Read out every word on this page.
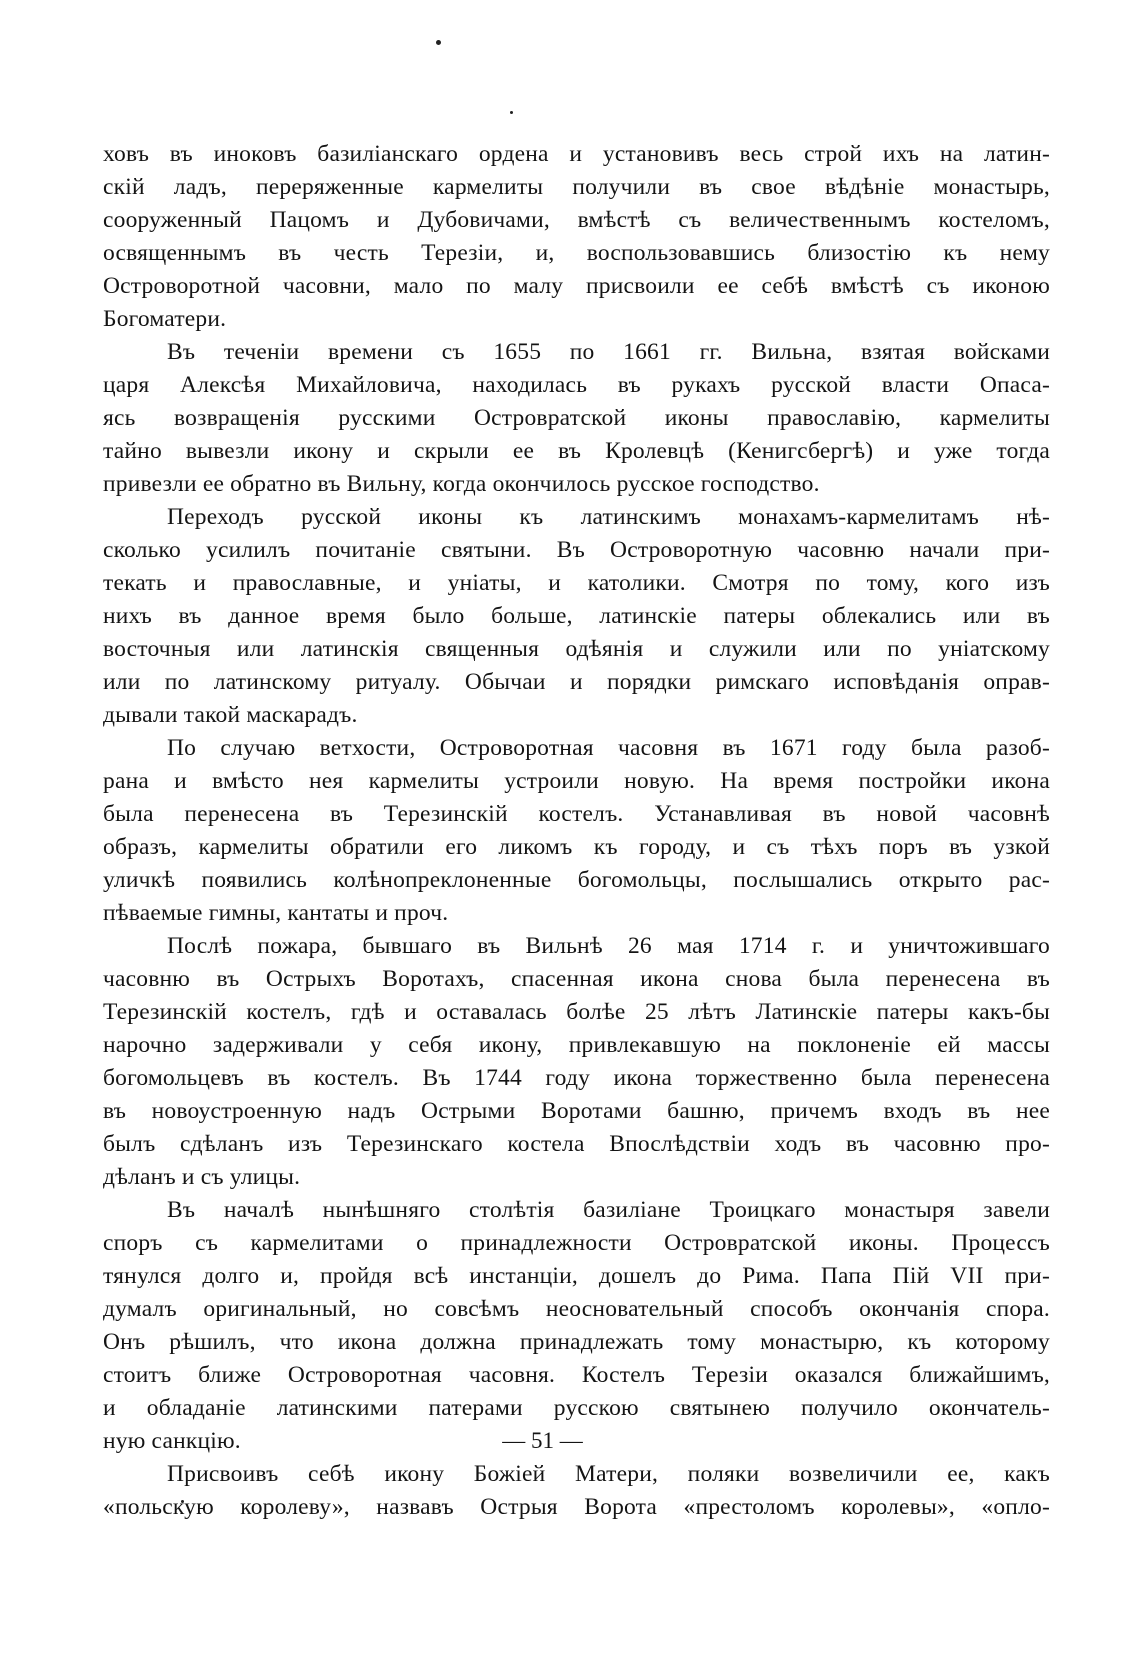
ховъ въ иноковъ базиліанскаго ордена и установивъ весь строй ихъ на латин-
скій ладъ, переряженные кармелиты получили въ свое вѣдѣніе монастырь,
сооруженный Пацомъ и Дубовичами, вмѣстѣ съ величественнымъ костеломъ,
освященнымъ въ честь Терезіи, и, воспользовавшись близостію къ нему
Островоротной часовни, мало по малу присвоили ее себѣ вмѣстѣ съ иконою
Богоматери.
Въ теченіи времени съ 1655 по 1661 гг. Вильна, взятая войсками
царя Алексѣя Михайловича, находилась въ рукахъ русской власти Опаса-
ясь возвращенія русскими Островратской иконы православію, кармелиты
тайно вывезли икону и скрыли ее въ Кролевцѣ (Кенигсбергѣ) и уже тогда
привезли ее обратно въ Вильну, когда окончилось русское господство.
Переходъ русской иконы къ латинскимъ монахамъ-кармелитамъ нѣ-
сколько усилилъ почитаніе святыни. Въ Островоротную часовню начали при-
текать и православные, и уніаты, и католики. Смотря по тому, кого изъ
нихъ въ данное время было больше, латинскіе патеры облекались или въ
восточныя или латинскія священныя одѣянія и служили или по уніатскому
или по латинскому ритуалу. Обычаи и порядки римскаго исповѣданія оправ-
дывали такой маскарадъ.
По случаю ветхости, Островоротная часовня въ 1671 году была разоб-
рана и вмѣсто нея кармелиты устроили новую. На время постройки икона
была перенесена въ Терезинскій костелъ. Устанавливая въ новой часовнѣ
образъ, кармелиты обратили его ликомъ къ городу, и съ тѣхъ поръ въ узкой
уличкѣ появились колѣнопреклоненные богомольцы, послышались открыто рас-
пѣваемые гимны, кантаты и проч.
Послѣ пожара, бывшаго въ Вильнѣ 26 мая 1714 г. и уничтожившаго
часовню въ Острыхъ Воротахъ, спасенная икона снова была перенесена въ
Терезинскій костелъ, гдѣ и оставалась болѣе 25 лѣтъ Латинскіе патеры какъ-бы
нарочно задерживали у себя икону, привлекавшую на поклоненіе ей массы
богомольцевъ въ костелъ. Въ 1744 году икона торжественно была перенесена
въ новоустроенную надъ Острыми Воротами башню, причемъ входъ въ нее
былъ сдѣланъ изъ Терезинскаго костела Впослѣдствіи ходъ въ часовню про-
дѣланъ и съ улицы.
Въ началѣ нынѣшняго столѣтія базиліане Троицкаго монастыря завели
споръ съ кармелитами о принадлежности Островратской иконы. Процессъ
тянулся долго и, пройдя всѣ инстанціи, дошелъ до Рима. Папа Пій VII при-
думалъ оригинальный, но совсѣмъ неосновательный способъ окончанія спора.
Онъ рѣшилъ, что икона должна принадлежать тому монастырю, къ которому
стоитъ ближе Островоротная часовня. Костелъ Терезіи оказался ближайшимъ,
и обладаніе латинскими патерами русскою святынею получило окончатель-
ную санкцію.
Присвоивъ себѣ икону Божіей Матери, поляки возвеличили ее, какъ
«польскую королеву», назвавъ Острыя Ворота «престоломъ королевы», «опло-
— 51 —
